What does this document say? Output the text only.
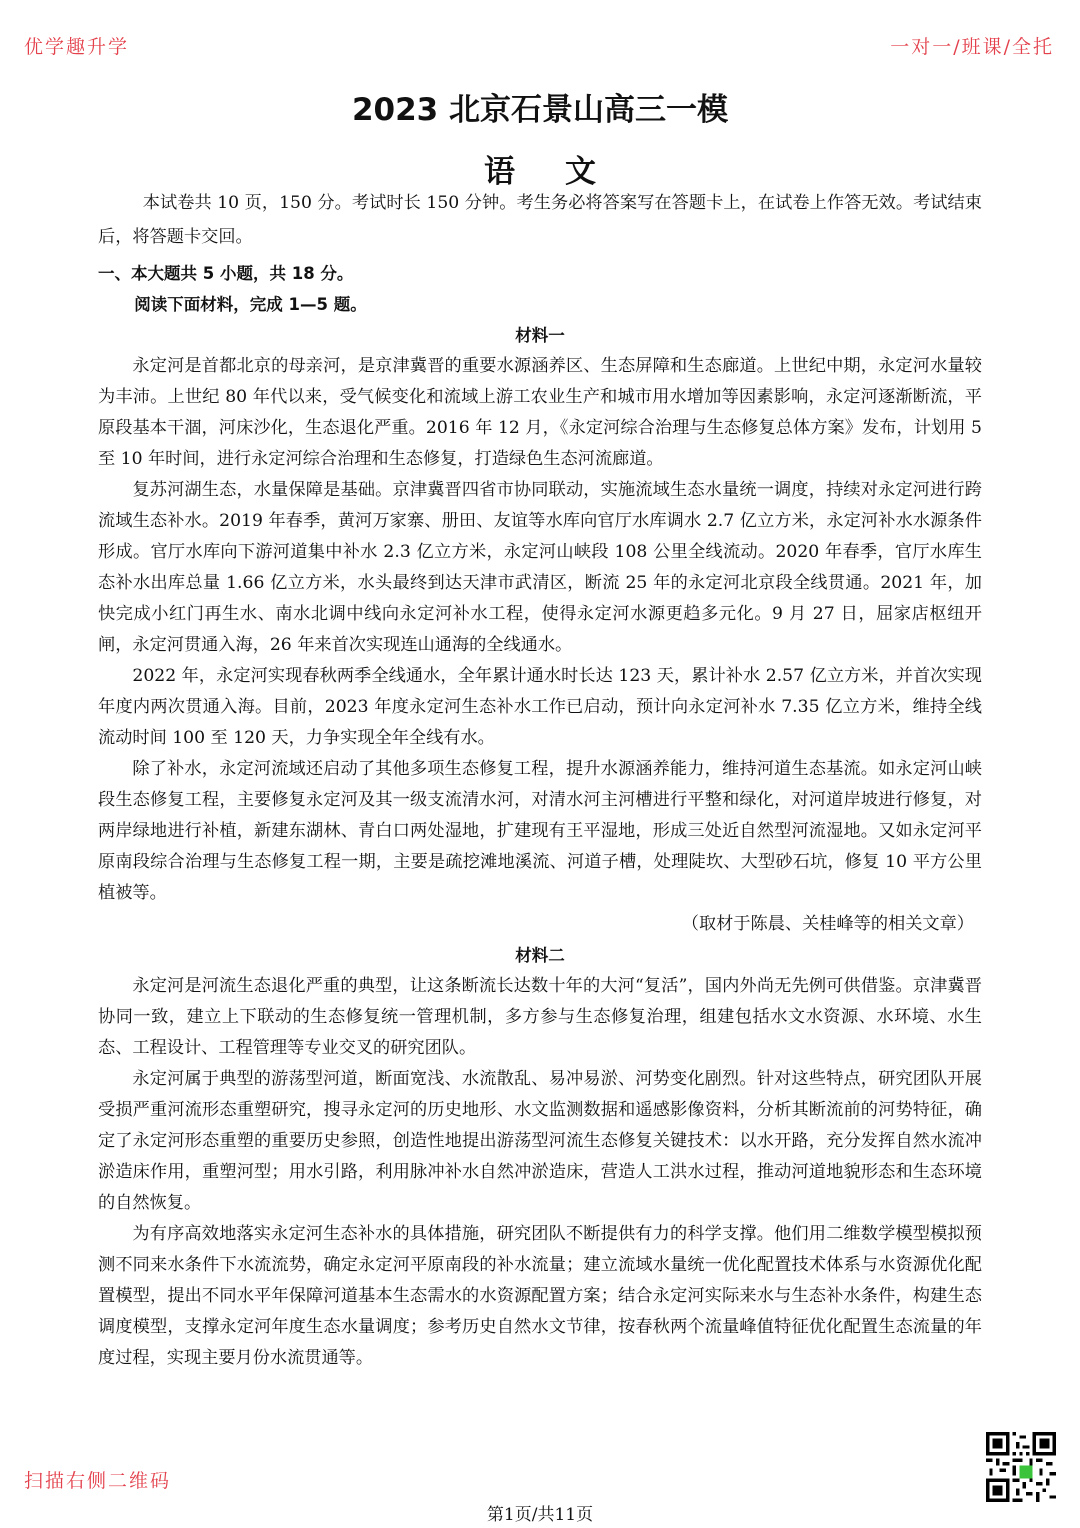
优学趣升学	一对一/班课/全托
2023 北京石景山高三一模
语文

本试卷共 10 页，150 分。考试时长 150 分钟。考生务必将答案写在答题卡上，在试卷上作答无效。考试结束后，将答题卡交回。

一、本大题共 5 小题，共 18 分。

阅读下面材料，完成 1—5 题。

材料一

永定河是首都北京的母亲河，是京津冀晋的重要水源涵养区、生态屏障和生态廊道。上世纪中期，永定河水量较为丰沛。上世纪 80 年代以来，受气候变化和流域上游工农业生产和城市用水增加等因素影响，永定河逐渐断流，平原段基本干涸，河床沙化，生态退化严重。2016 年 12 月，《永定河综合治理与生态修复总体方案》发布，计划用 5 至 10 年时间，进行永定河综合治理和生态修复，打造绿色生态河流廊道。

复苏河湖生态，水量保障是基础。京津冀晋四省市协同联动，实施流域生态水量统一调度，持续对永定河进行跨流域生态补水。2019 年春季，黄河万家寨、册田、友谊等水库向官厅水库调水 2.7 亿立方米，永定河补水水源条件形成。官厅水库向下游河道集中补水 2.3 亿立方米，永定河山峡段 108 公里全线流动。2020 年春季，官厅水库生态补水出库总量 1.66 亿立方米，水头最终到达天津市武清区，断流 25 年的永定河北京段全线贯通。2021 年，加快完成小红门再生水、南水北调中线向永定河补水工程，使得永定河水源更趋多元化。9 月 27 日，屈家店枢纽开闸，永定河贯通入海，26 年来首次实现连山通海的全线通水。

2022 年，永定河实现春秋两季全线通水，全年累计通水时长达 123 天，累计补水 2.57 亿立方米，并首次实现年度内两次贯通入海。目前，2023 年度永定河生态补水工作已启动，预计向永定河补水 7.35 亿立方米，维持全线流动时间 100 至 120 天，力争实现全年全线有水。

除了补水，永定河流域还启动了其他多项生态修复工程，提升水源涵养能力，维持河道生态基流。如永定河山峡段生态修复工程，主要修复永定河及其一级支流清水河，对清水河主河槽进行平整和绿化，对河道岸坡进行修复，对两岸绿地进行补植，新建东湖林、青白口两处湿地，扩建现有王平湿地，形成三处近自然型河流湿地。又如永定河平原南段综合治理与生态修复工程一期，主要是疏挖滩地溪流、河道子槽，处理陡坎、大型砂石坑，修复 10 平方公里植被等。

（取材于陈晨、关桂峰等的相关文章）

材料二

永定河是河流生态退化严重的典型，让这条断流长达数十年的大河“复活”，国内外尚无先例可供借鉴。京津冀晋协同一致，建立上下联动的生态修复统一管理机制，多方参与生态修复治理，组建包括水文水资源、水环境、水生态、工程设计、工程管理等专业交叉的研究团队。

永定河属于典型的游荡型河道，断面宽浅、水流散乱、易冲易淤、河势变化剧烈。针对这些特点，研究团队开展受损严重河流形态重塑研究，搜寻永定河的历史地形、水文监测数据和遥感影像资料，分析其断流前的河势特征，确定了永定河形态重塑的重要历史参照，创造性地提出游荡型河流生态修复关键技术：以水开路，充分发挥自然水流冲淤造床作用，重塑河型；用水引路，利用脉冲补水自然冲淤造床，营造人工洪水过程，推动河道地貌形态和生态环境的自然恢复。

为有序高效地落实永定河生态补水的具体措施，研究团队不断提供有力的科学支撑。他们用二维数学模型模拟预测不同来水条件下水流流势，确定永定河平原南段的补水流量；建立流域水量统一优化配置技术体系与水资源优化配置模型，提出不同水平年保障河道基本生态需水的水资源配置方案；结合永定河实际来水与生态补水条件，构建生态调度模型，支撑永定河年度生态水量调度；参考历史自然水文节律，按春秋两个流量峰值特征优化配置生态流量的年度过程，实现主要月份水流贯通等。

扫描右侧二维码
第1页/共11页
